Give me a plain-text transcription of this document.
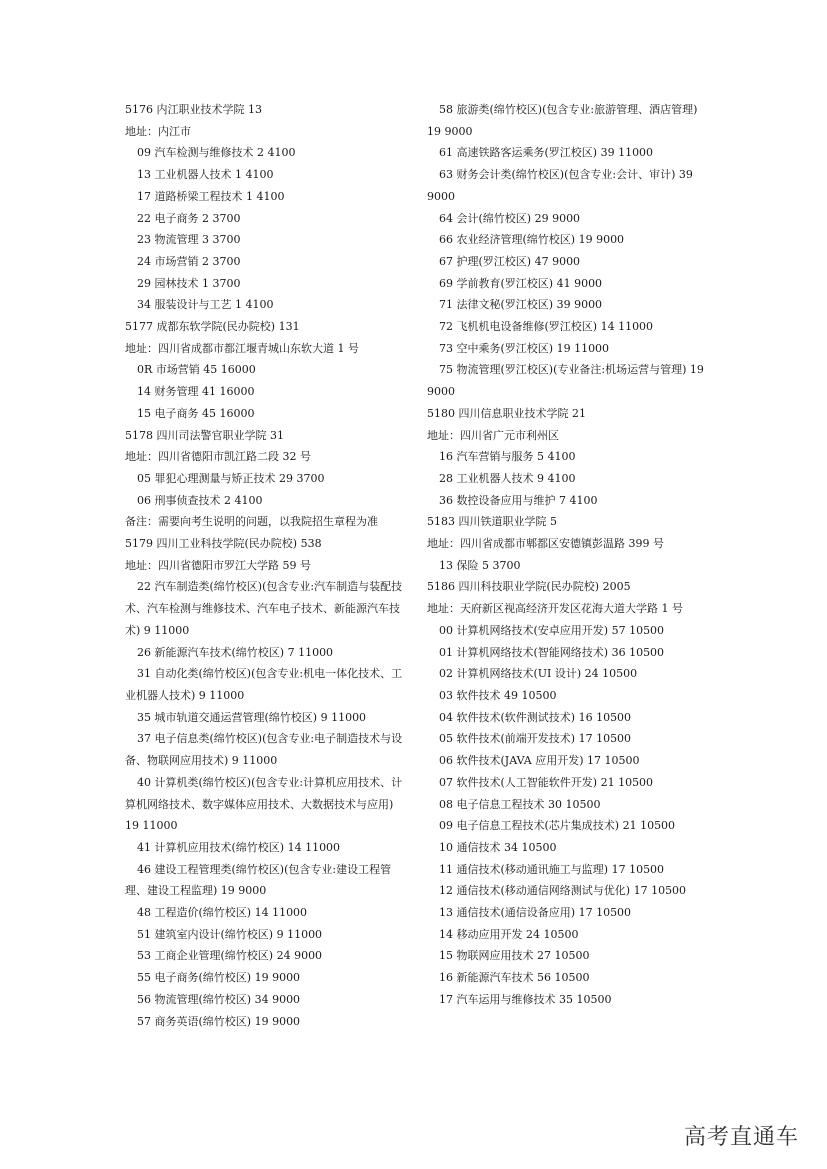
5176 内江职业技术学院 13
地址：内江市
09 汽车检测与维修技术 2 4100
13 工业机器人技术 1 4100
17 道路桥梁工程技术 1 4100
22 电子商务 2 3700
23 物流管理 3 3700
24 市场营销 2 3700
29 园林技术 1 3700
34 服装设计与工艺 1 4100
5177 成都东软学院(民办院校) 131
地址：四川省成都市都江堰青城山东软大道 1 号
0R 市场营销 45 16000
14 财务管理 41 16000
15 电子商务 45 16000
5178 四川司法警官职业学院 31
地址：四川省德阳市凯江路二段 32 号
05 罪犯心理测量与矫正技术 29 3700
06 刑事侦查技术 2 4100
备注：需要向考生说明的问题，以我院招生章程为准
5179 四川工业科技学院(民办院校) 538
地址：四川省德阳市罗江大学路 59 号
22 汽车制造类(绵竹校区)(包含专业:汽车制造与装配技术、汽车检测与维修技术、汽车电子技术、新能源汽车技术) 9 11000
26 新能源汽车技术(绵竹校区) 7 11000
31 自动化类(绵竹校区)(包含专业:机电一体化技术、工业机器人技术) 9 11000
35 城市轨道交通运营管理(绵竹校区) 9 11000
37 电子信息类(绵竹校区)(包含专业:电子制造技术与设备、物联网应用技术) 9 11000
40 计算机类(绵竹校区)(包含专业:计算机应用技术、计算机网络技术、数字媒体应用技术、大数据技术与应用) 19 11000
41 计算机应用技术(绵竹校区) 14 11000
46 建设工程管理类(绵竹校区)(包含专业:建设工程管理、建设工程监理) 19 9000
48 工程造价(绵竹校区) 14 11000
51 建筑室内设计(绵竹校区) 9 11000
53 工商企业管理(绵竹校区) 24 9000
55 电子商务(绵竹校区) 19 9000
56 物流管理(绵竹校区) 34 9000
57 商务英语(绵竹校区) 19 9000
58 旅游类(绵竹校区)(包含专业:旅游管理、酒店管理) 19 9000
61 高速铁路客运乘务(罗江校区) 39 11000
63 财务会计类(绵竹校区)(包含专业:会计、审计) 39 9000
64 会计(绵竹校区) 29 9000
66 农业经济管理(绵竹校区) 19 9000
67 护理(罗江校区) 47 9000
69 学前教育(罗江校区) 41 9000
71 法律文秘(罗江校区) 39 9000
72 飞机机电设备维修(罗江校区) 14 11000
73 空中乘务(罗江校区) 19 11000
75 物流管理(罗江校区)(专业备注:机场运营与管理) 19 9000
5180 四川信息职业技术学院 21
地址：四川省广元市利州区
16 汽车营销与服务 5 4100
28 工业机器人技术 9 4100
36 数控设备应用与维护 7 4100
5183 四川铁道职业学院 5
地址：四川省成都市郫都区安德镇彭温路 399 号
13 保险 5 3700
5186 四川科技职业学院(民办院校) 2005
地址：天府新区视高经济开发区花海大道大学路 1 号
00 计算机网络技术(安卓应用开发) 57 10500
01 计算机网络技术(智能网络技术) 36 10500
02 计算机网络技术(UI 设计) 24 10500
03 软件技术 49 10500
04 软件技术(软件测试技术) 16 10500
05 软件技术(前端开发技术) 17 10500
06 软件技术(JAVA 应用开发) 17 10500
07 软件技术(人工智能软件开发) 21 10500
08 电子信息工程技术 30 10500
09 电子信息工程技术(芯片集成技术) 21 10500
10 通信技术 34 10500
11 通信技术(移动通讯施工与监理) 17 10500
12 通信技术(移动通信网络测试与优化) 17 10500
13 通信技术(通信设备应用) 17 10500
14 移动应用开发 24 10500
15 物联网应用技术 27 10500
16 新能源汽车技术 56 10500
17 汽车运用与维修技术 35 10500
高考直通车
